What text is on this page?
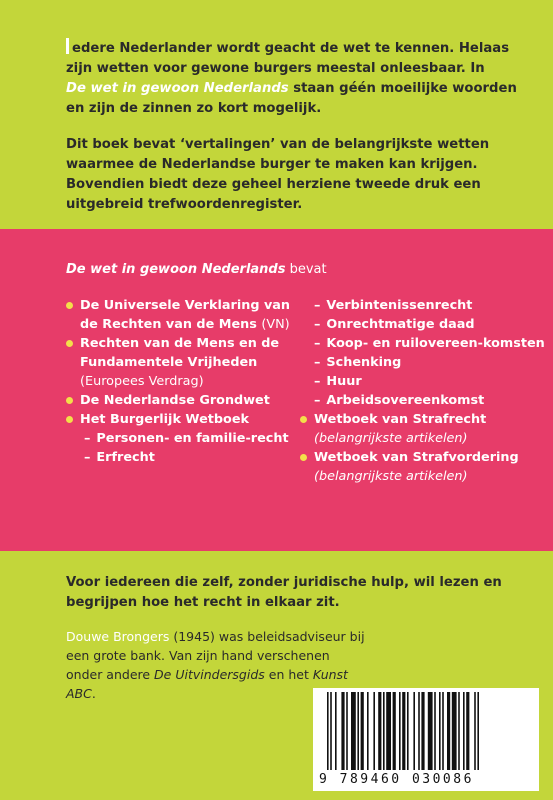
edere Nederlander wordt geacht de wet te kennen. Helaas
zijn wetten voor gewone burgers meestal onleesbaar. In
De wet in gewoon Nederlands staan géén moeilijke woorden
en zijn de zinnen zo kort mogelijk.

Dit boek bevat ‘vertalingen’ van de belangrijkste wetten waarmee de Nederlandse burger te maken kan krijgen. Bovendien biedt deze geheel herziene tweede druk een uitgebreid trefwoordenregister.

De wet in gewoon Nederlands bevat
De Universele Verklaring van de Rechten van de Mens (VN)
Rechten van de Mens en de Fundamentele Vrijheden (Europees Verdrag)
De Nederlandse Grondwet
Het Burgerlijk Wetboek
– Personen- en familie-recht
– Erfrecht
– Verbintenissenrecht
– Onrechtmatige daad
– Koop- en ruilovereen-komsten
– Schenking
– Huur
– Arbeidsovereenkomst
Wetboek van Strafrecht
(belangrijkste artikelen)
Wetboek van Strafvordering (belangrijkste artikelen)
Voor iedereen die zelf, zonder juridische hulp, wil lezen en begrijpen hoe het recht in elkaar zit.
Douwe Brongers (1945) was beleidsadviseur bij een grote bank. Van zijn hand verschenen onder andere De Uitvindersgids en het Kunst ABC.
9 789460 030086
